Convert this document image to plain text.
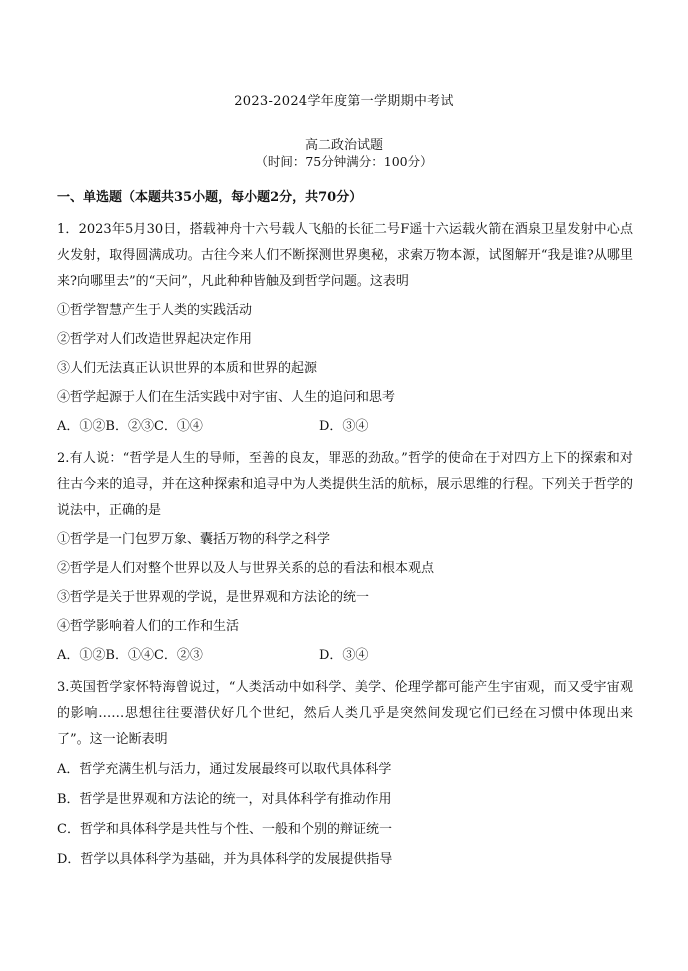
2023-2024学年度第一学期期中考试
高二政治试题
（时间：75分钟满分：100分）
一、单选题（本题共35小题，每小题2分，共70分）

1．2023年5月30日，搭载神舟十六号载人飞船的长征二号F遥十六运载火箭在酒泉卫星发射中心点火发射，取得圆满成功。古往今来人们不断探测世界奥秘，求索万物本源，试图解开“我是谁?从哪里来?向哪里去”的“天问”，凡此种种皆触及到哲学问题。这表明

①哲学智慧产生于人类的实践活动

②哲学对人们改造世界起决定作用

③人们无法真正认识世界的本质和世界的起源

④哲学起源于人们在生活实践中对宇宙、人生的追问和思考

A．①②B．②③C．①④	D．③④

2.有人说：“哲学是人生的导师，至善的良友，罪恶的劲敌。”哲学的使命在于对四方上下的探索和对往古今来的追寻，并在这种探索和追寻中为人类提供生活的航标，展示思维的行程。下列关于哲学的说法中，正确的是

①哲学是一门包罗万象、囊括万物的科学之科学

②哲学是人们对整个世界以及人与世界关系的总的看法和根本观点

③哲学是关于世界观的学说，是世界观和方法论的统一

④哲学影响着人们的工作和生活

A．①②B．①④C．②③	D．③④

3.英国哲学家怀特海曾说过，“人类活动中如科学、美学、伦理学都可能产生宇宙观，而又受宇宙观的影响……思想往往要潜伏好几个世纪，然后人类几乎是突然间发现它们已经在习惯中体现出来了”。这一论断表明

A．哲学充满生机与活力，通过发展最终可以取代具体科学

B．哲学是世界观和方法论的统一，对具体科学有推动作用

C．哲学和具体科学是共性与个性、一般和个别的辩证统一

D．哲学以具体科学为基础，并为具体科学的发展提供指导
